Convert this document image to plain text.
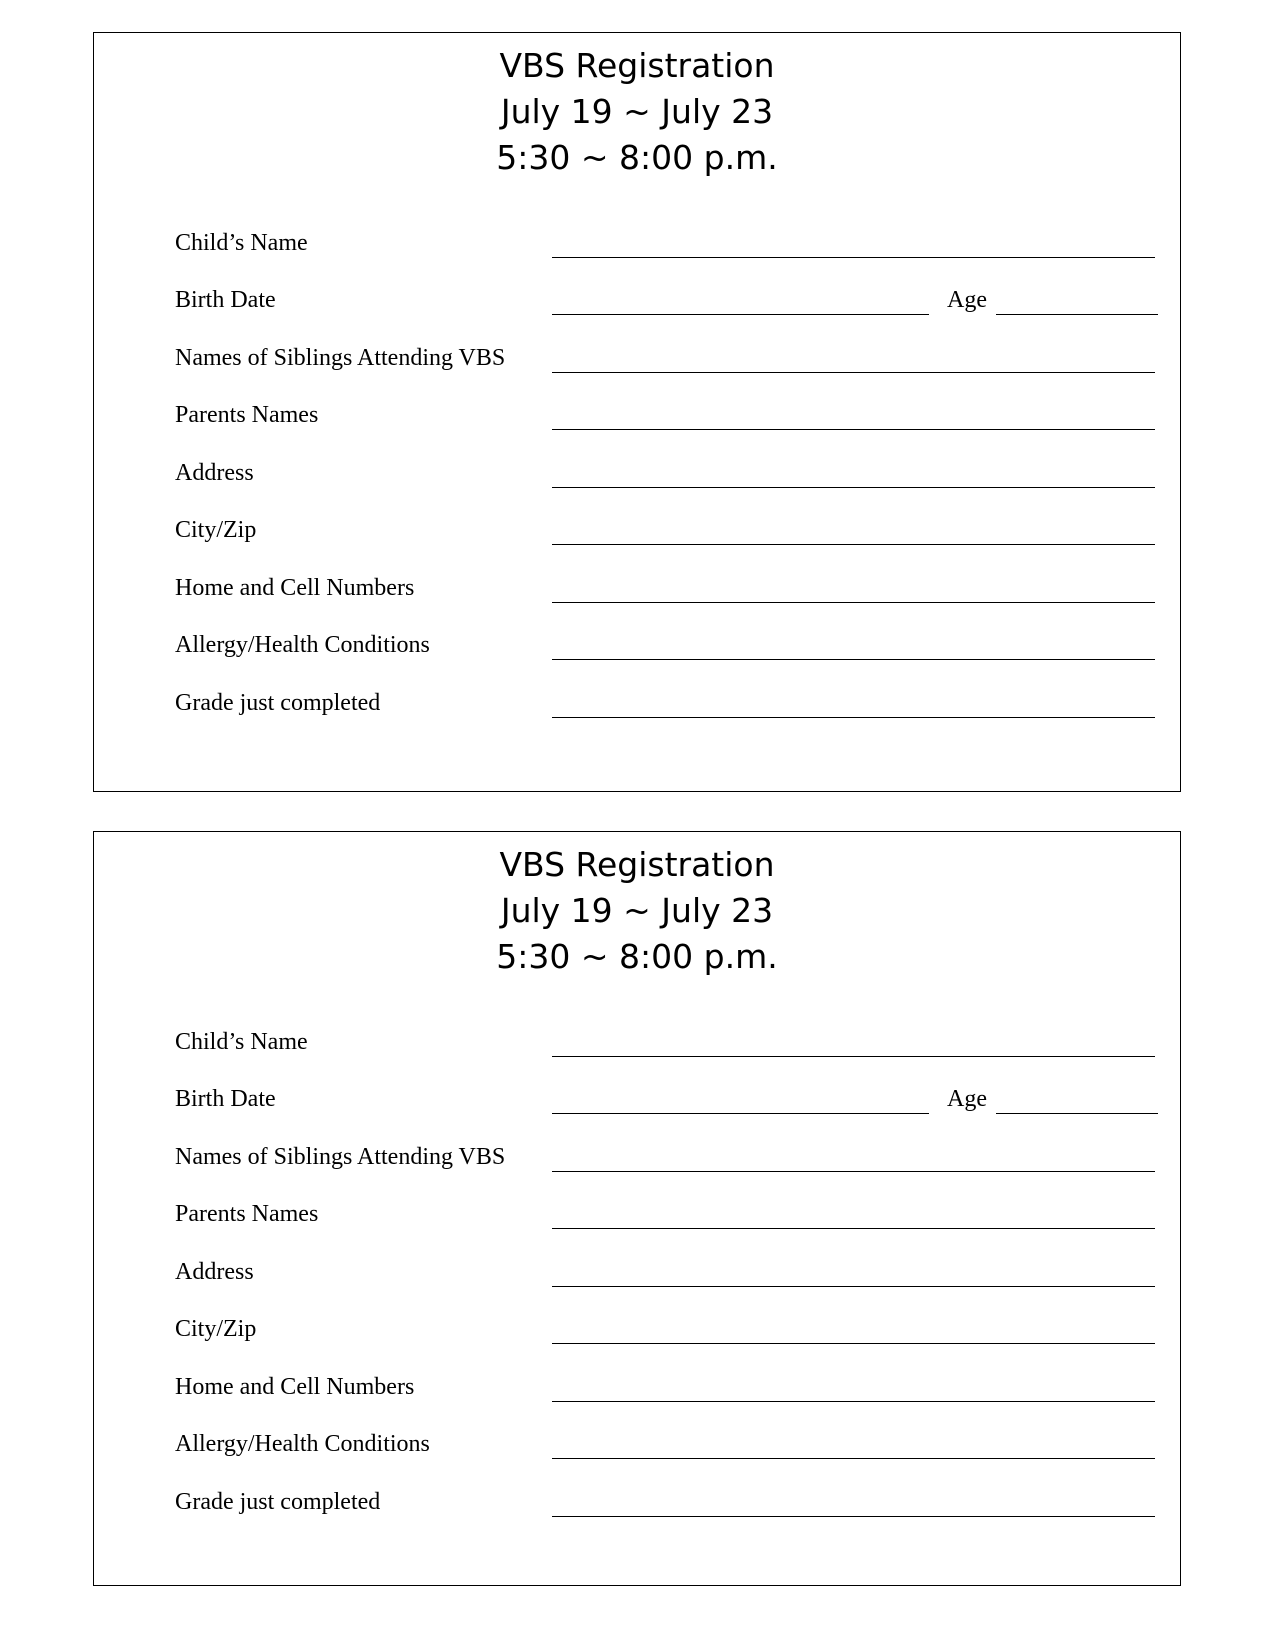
VBS Registration
July 19 ~ July 23
5:30 ~ 8:00 p.m.
Child’s Name
Birth Date	Age
Names of Siblings Attending VBS
Parents Names
Address
City/Zip
Home and Cell Numbers
Allergy/Health Conditions
Grade just completed
VBS Registration
July 19 ~ July 23
5:30 ~ 8:00 p.m.
Child’s Name
Birth Date	Age
Names of Siblings Attending VBS
Parents Names
Address
City/Zip
Home and Cell Numbers
Allergy/Health Conditions
Grade just completed
